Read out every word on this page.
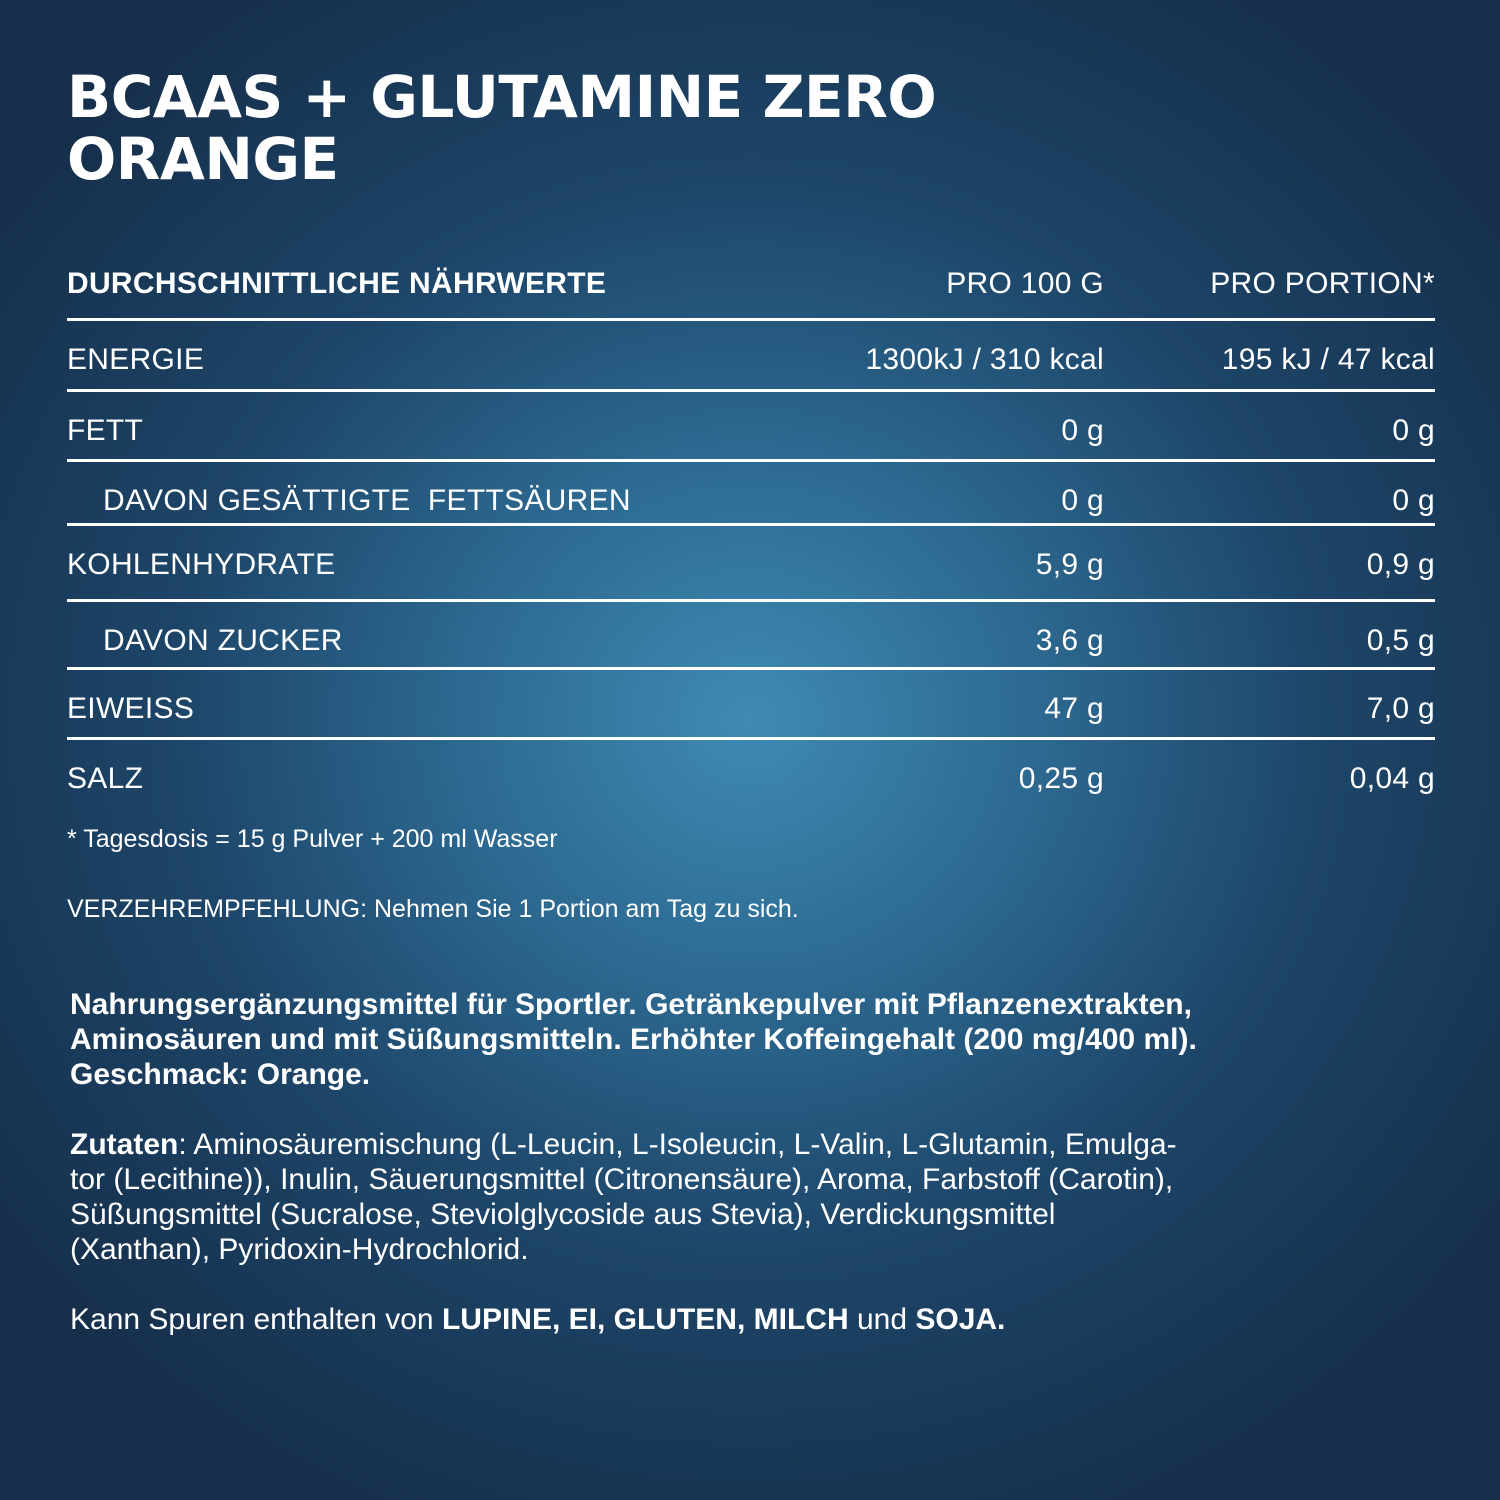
BCAAS + GLUTAMINE ZERO
ORANGE
DURCHSCHNITTLICHE NÄHRWERTE	PRO 100 G	PRO PORTION*
ENERGIE	1300kJ / 310 kcal	195 kJ / 47 kcal
FETT	0 g	0 g
DAVON GESÄTTIGTE  FETTSÄUREN	0 g	0 g
KOHLENHYDRATE	5,9 g	0,9 g
DAVON ZUCKER	3,6 g	0,5 g
EIWEISS	47 g	7,0 g
SALZ	0,25 g	0,04 g
* Tagesdosis = 15 g Pulver + 200 ml Wasser
VERZEHREMPFEHLUNG: Nehmen Sie 1 Portion am Tag zu sich.

Nahrungsergänzungsmittel für Sportler. Getränkepulver mit Pflanzenextrakten,
Aminosäuren und mit Süßungsmitteln. Erhöhter Koffeingehalt (200 mg/400 ml).
Geschmack: Orange.

Zutaten: Aminosäuremischung (L-Leucin, L-Isoleucin, L-Valin, L-Glutamin, Emulga-
tor (Lecithine)), Inulin, Säuerungsmittel (Citronensäure), Aroma, Farbstoff (Carotin),
Süßungsmittel (Sucralose, Steviolglycoside aus Stevia), Verdickungsmittel
(Xanthan), Pyridoxin-Hydrochlorid.

Kann Spuren enthalten von LUPINE, EI, GLUTEN, MILCH und SOJA.
